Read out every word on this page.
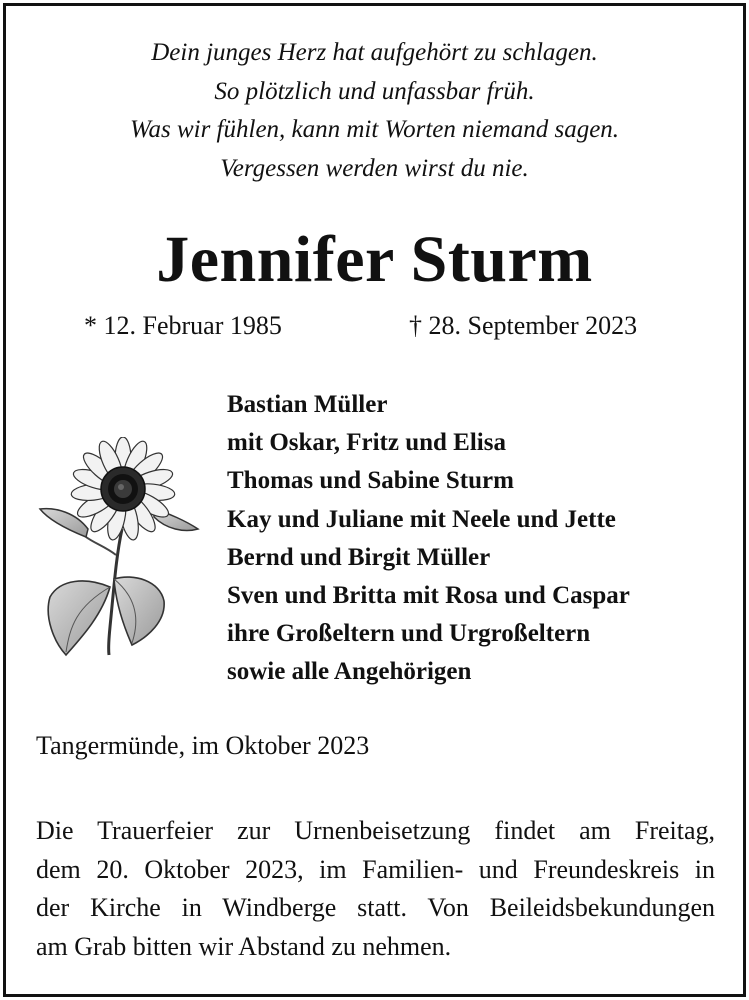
Dein junges Herz hat aufgehört zu schlagen.
So plötzlich und unfassbar früh.
Was wir fühlen, kann mit Worten niemand sagen.
Vergessen werden wirst du nie.
Jennifer Sturm
* 12. Februar 1985	† 28. September 2023
Bastian Müller
mit Oskar, Fritz und Elisa
Thomas und Sabine Sturm
Kay und Juliane mit Neele und Jette
Bernd und Birgit Müller
Sven und Britta mit Rosa und Caspar
ihre Großeltern und Urgroßeltern
sowie alle Angehörigen
Tangermünde, im Oktober 2023
Die Trauerfeier zur Urnenbeisetzung findet am Freitag,
dem 20. Oktober 2023, im Familien- und Freundeskreis in
der Kirche in Windberge statt. Von Beileidsbekundungen
am Grab bitten wir Abstand zu nehmen.
